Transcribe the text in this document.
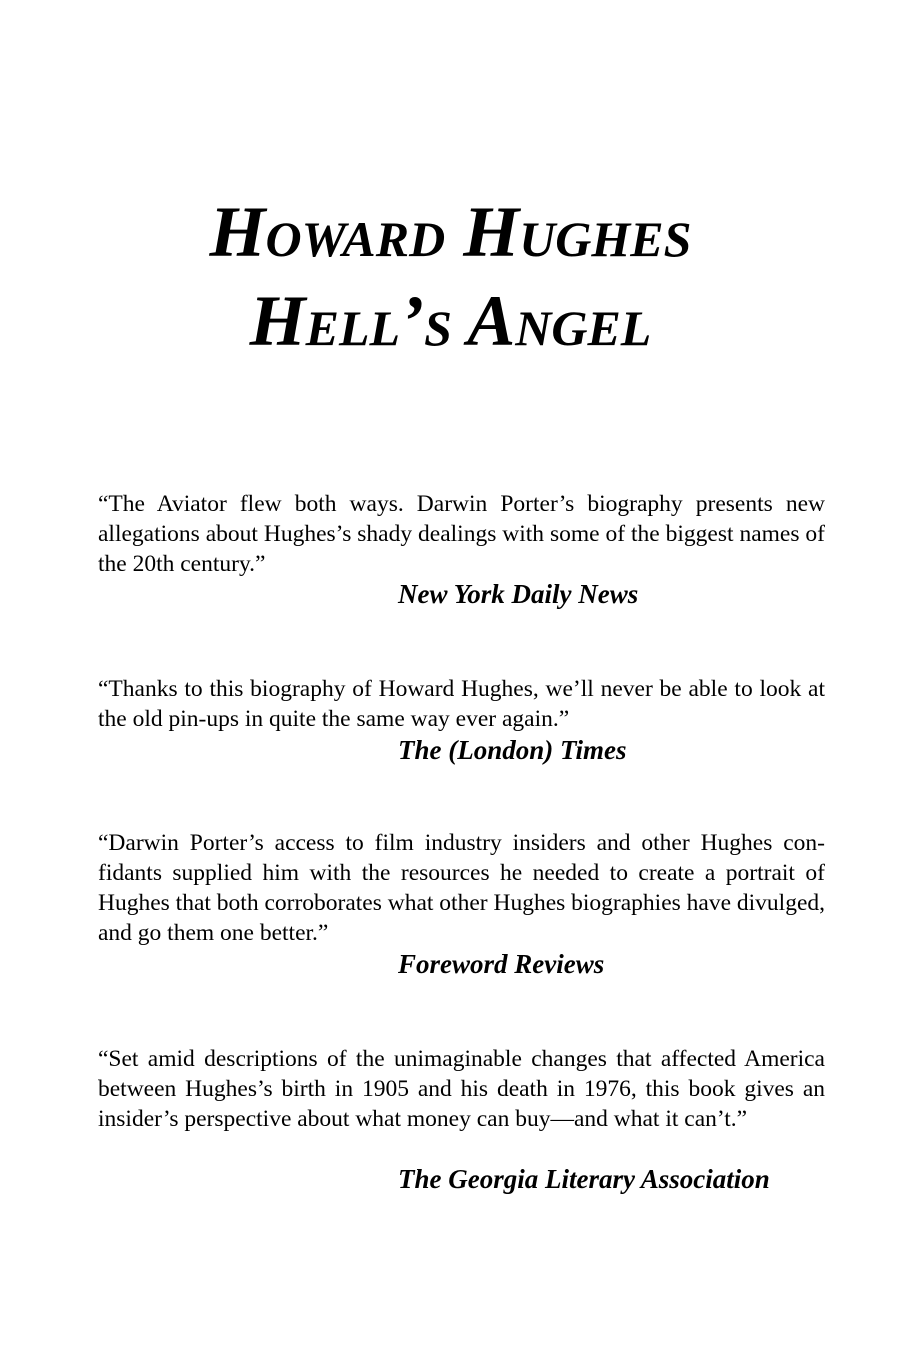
Howard Hughes
Hell’s Angel

“The Aviator flew both ways. Darwin Porter’s biography presents new allegations about Hughes’s shady dealings with some of the biggest names of the 20th century.”

New York Daily News

“Thanks to this biography of Howard Hughes, we’ll never be able to look at the old pin-ups in quite the same way ever again.”

The (London) Times

“Darwin Porter’s access to film industry insiders and other Hughes confidants supplied him with the resources he needed to create a portrait of Hughes that both corroborates what other Hughes biographies have divulged, and go them one better.”

Foreword Reviews

“Set amid descriptions of the unimaginable changes that affected America between Hughes’s birth in 1905 and his death in 1976, this book gives an insider’s perspective about what money can buy—and what it can’t.”

The Georgia Literary Association
